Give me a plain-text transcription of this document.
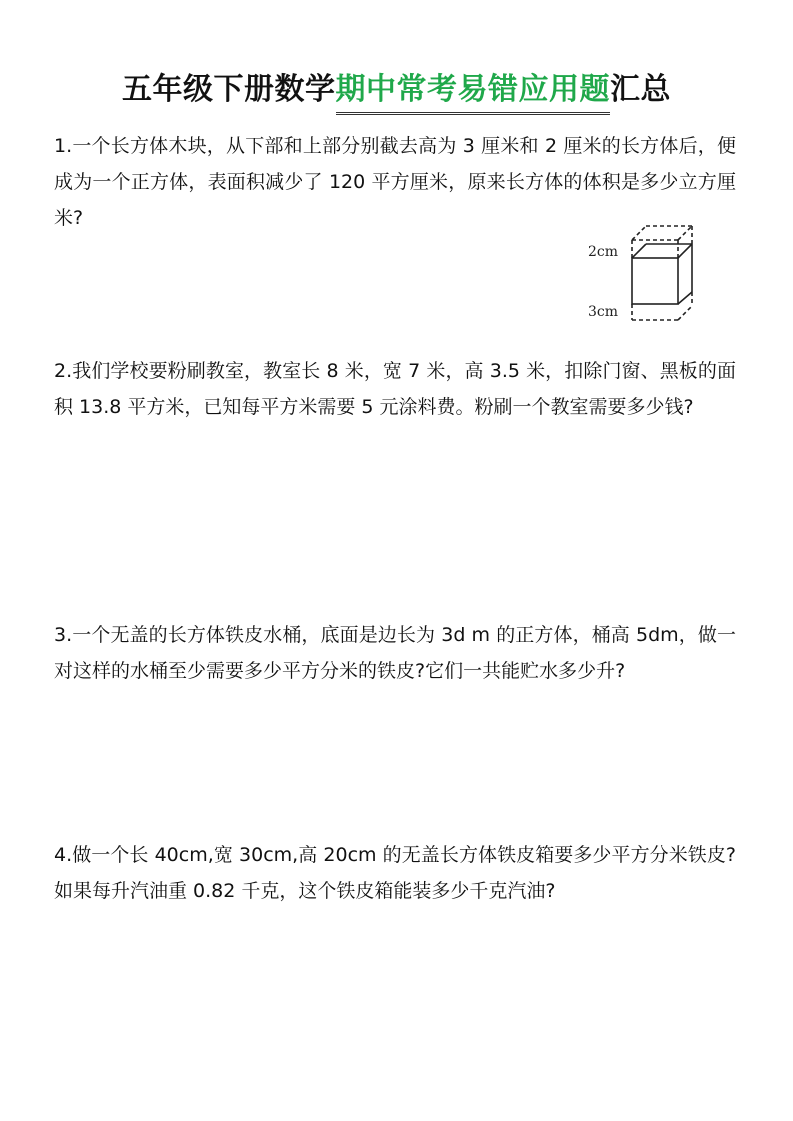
五年级下册数学期中常考易错应用题汇总
1.一个长方体木块，从下部和上部分别截去高为 3 厘米和 2 厘米的长方体后，便成为一个正方体，表面积减少了 120 平方厘米，原来长方体的体积是多少立方厘米?
2cm
3cm
2.我们学校要粉刷教室，教室长 8 米，宽 7 米，高 3.5 米，扣除门窗、黑板的面积 13.8 平方米，已知每平方米需要 5 元涂料费。粉刷一个教室需要多少钱?
3.一个无盖的长方体铁皮水桶，底面是边长为 3d m 的正方体，桶高 5dm，做一对这样的水桶至少需要多少平方分米的铁皮?它们一共能贮水多少升?
4.做一个长 40cm,宽 30cm,高 20cm 的无盖长方体铁皮箱要多少平方分米铁皮?如果每升汽油重 0.82 千克，这个铁皮箱能装多少千克汽油?
